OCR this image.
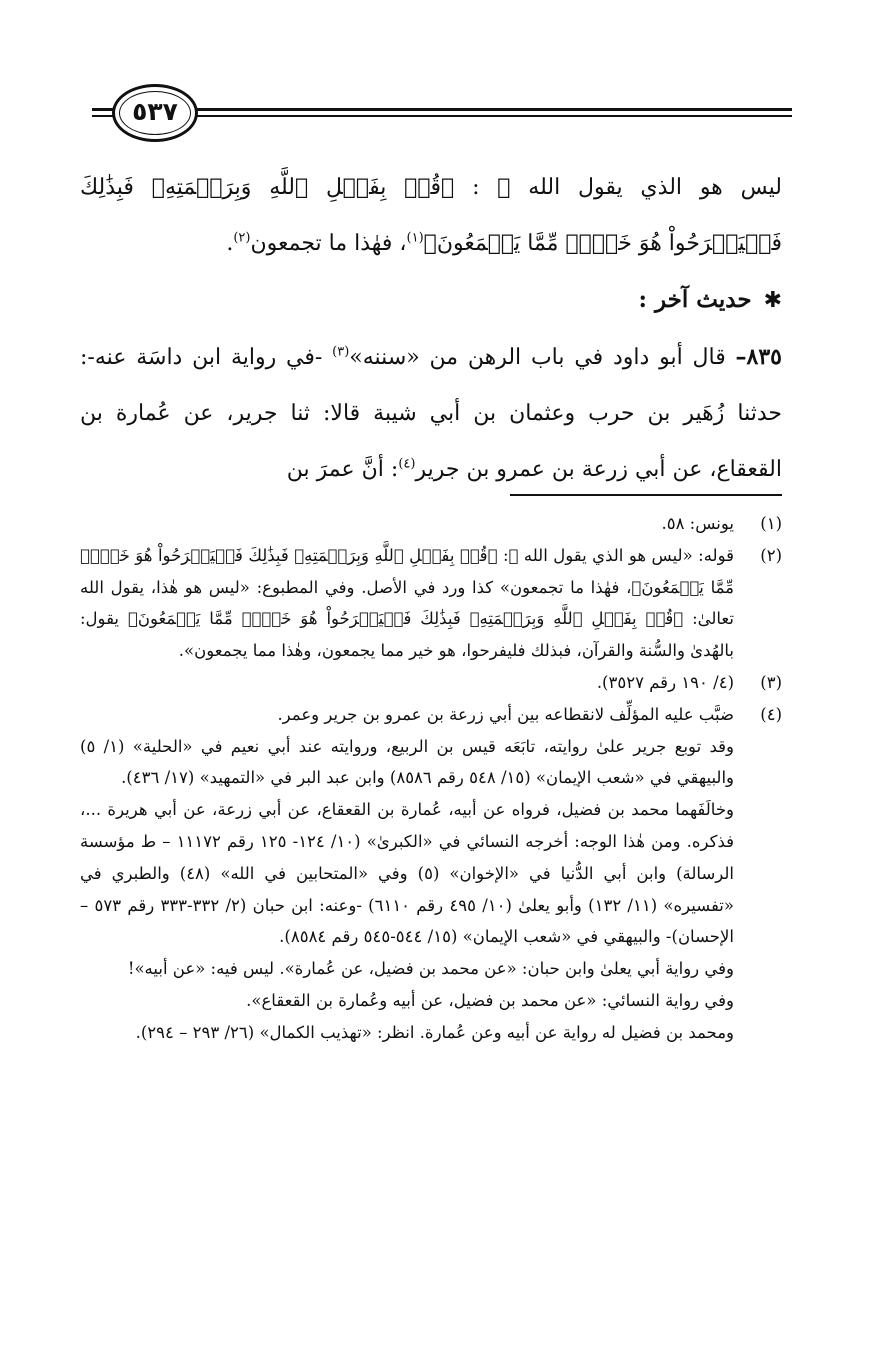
٥٣٧

ليس هو الذي يقول الله ﷻ : ﴿قُلۡ بِفَضۡلِ ٱللَّهِ وَبِرَحۡمَتِهِۦ فَبِذَٰلِكَ فَلۡيَفۡرَحُواْ هُوَ خَيۡرٞ مِّمَّا يَجۡمَعُونَ﴾$^{(١)}$، فهٰذا ما تجمعون$^{(٢)}$.

✱حديث آخر :

٨٣٥– قال أبو داود في باب الرهن من «سننه»$^{(٣)}$ -في رواية ابن داسَة عنه-: حدثنا زُهَير بن حرب وعثمان بن أبي شيبة قالا: ثنا جرير، عن عُمارة بن القعقاع، عن أبي زرعة بن عمرو بن جرير$^{(٤)}$: أنَّ عمرَ بن

(١)
يونس: ٥٨.
(٢)
قوله: «ليس هو الذي يقول الله ﷻ: ﴿قُلۡ بِفَضۡلِ ٱللَّهِ وَبِرَحۡمَتِهِۦ فَبِذَٰلِكَ فَلۡيَفۡرَحُواْ هُوَ خَيۡرٞ مِّمَّا يَجۡمَعُونَ﴾، فهٰذا ما تجمعون» كذا ورد في الأصل. وفي المطبوع: «ليس هو هٰذا، يقول الله تعالىٰ: ﴿قُلۡ بِفَضۡلِ ٱللَّهِ وَبِرَحۡمَتِهِۦ فَبِذَٰلِكَ فَلۡيَفۡرَحُواْ هُوَ خَيۡرٞ مِّمَّا يَجۡمَعُونَ﴾ يقول: بالهُدىٰ والسُّنة والقرآن، فبذلك فليفرحوا، هو خير مما يجمعون، وهٰذا مما يجمعون».
(٣)
(٤/ ١٩٠ رقم ٣٥٢٧).
(٤)

ضبَّب عليه المؤلِّف لانقطاعه بين أبي زرعة بن عمرو بن جرير وعمر.

وقد توبع جرير علىٰ روايته، تابَعَه قيس بن الربيع، وروايته عند أبي نعيم في «الحلية» (١/ ٥) والبيهقي في «شعب الإيمان» (١٥/ ٥٤٨ رقم ٨٥٨٦) وابن عبد البر في «التمهيد» (١٧/ ٤٣٦).

وخالَفَهما محمد بن فضيل، فرواه عن أبيه، عُمارة بن القعقاع، عن أبي زرعة، عن أبي هريرة ...، فذكره. ومن هٰذا الوجه: أخرجه النسائي في «الكبرىٰ» (١٠/ ١٢٤- ١٢٥ رقم ١١١٧٢ – ط مؤسسة الرسالة) وابن أبي الدُّنيا في «الإخوان» (٥) وفي «المتحابين في الله» (٤٨) والطبري في «تفسيره» (١١/ ١٣٢) وأبو يعلىٰ (١٠/ ٤٩٥ رقم ٦١١٠) -وعنه: ابن حبان (٢/ ٣٣٢-٣٣٣ رقم ٥٧٣ – الإحسان)- والبيهقي في «شعب الإيمان» (١٥/ ٥٤٤-٥٤٥ رقم ٨٥٨٤).

وفي رواية أبي يعلىٰ وابن حبان: «عن محمد بن فضيل، عن عُمارة». ليس فيه: «عن أبيه»!

وفي رواية النسائي: «عن محمد بن فضيل، عن أبيه وعُمارة بن القعقاع».

ومحمد بن فضيل له رواية عن أبيه وعن عُمارة. انظر: «تهذيب الكمال» (٢٦/ ٢٩٣ – ٢٩٤).
